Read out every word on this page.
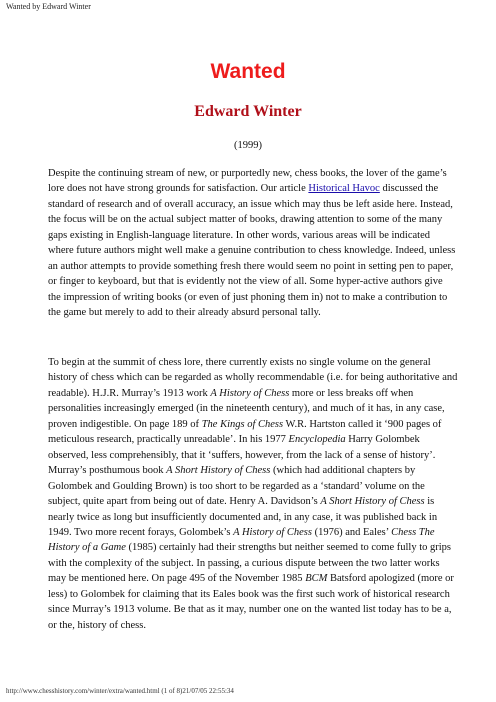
Wanted by Edward Winter
Wanted
Edward Winter
(1999)

Despite the continuing stream of new, or purportedly new, chess books, the lover of the game’s lore does not have strong grounds for satisfaction. Our article Historical Havoc discussed the standard of research and of overall accuracy, an issue which may thus be left aside here. Instead, the focus will be on the actual subject matter of books, drawing attention to some of the many gaps existing in English-language literature. In other words, various areas will be indicated where future authors might well make a genuine contribution to chess knowledge. Indeed, unless an author attempts to provide something fresh there would seem no point in setting pen to paper, or finger to keyboard, but that is evidently not the view of all. Some hyper-active authors give the impression of writing books (or even of just phoning them in) not to make a contribution to the game but merely to add to their already absurd personal tally.

To begin at the summit of chess lore, there currently exists no single volume on the general history of chess which can be regarded as wholly recommendable (i.e. for being authoritative and readable). H.J.R. Murray’s 1913 work A History of Chess more or less breaks off when personalities increasingly emerged (in the nineteenth century), and much of it has, in any case, proven indigestible. On page 189 of The Kings of Chess W.R. Hartston called it ‘900 pages of meticulous research, practically unreadable’. In his 1977 Encyclopedia Harry Golombek observed, less comprehensibly, that it ‘suffers, however, from the lack of a sense of history’. Murray’s posthumous book A Short History of Chess (which had additional chapters by Golombek and Goulding Brown) is too short to be regarded as a ‘standard’ volume on the subject, quite apart from being out of date. Henry A. Davidson’s A Short History of Chess is nearly twice as long but insufficiently documented and, in any case, it was published back in 1949. Two more recent forays, Golombek’s A History of Chess (1976) and Eales’ Chess The History of a Game (1985) certainly had their strengths but neither seemed to come fully to grips with the complexity of the subject. In passing, a curious dispute between the two latter works may be mentioned here. On page 495 of the November 1985 BCM Batsford apologized (more or less) to Golombek for claiming that its Eales book was the first such work of historical research since Murray’s 1913 volume. Be that as it may, number one on the wanted list today has to be a, or the, history of chess.

http://www.chesshistory.com/winter/extra/wanted.html (1 of 8)21/07/05 22:55:34
